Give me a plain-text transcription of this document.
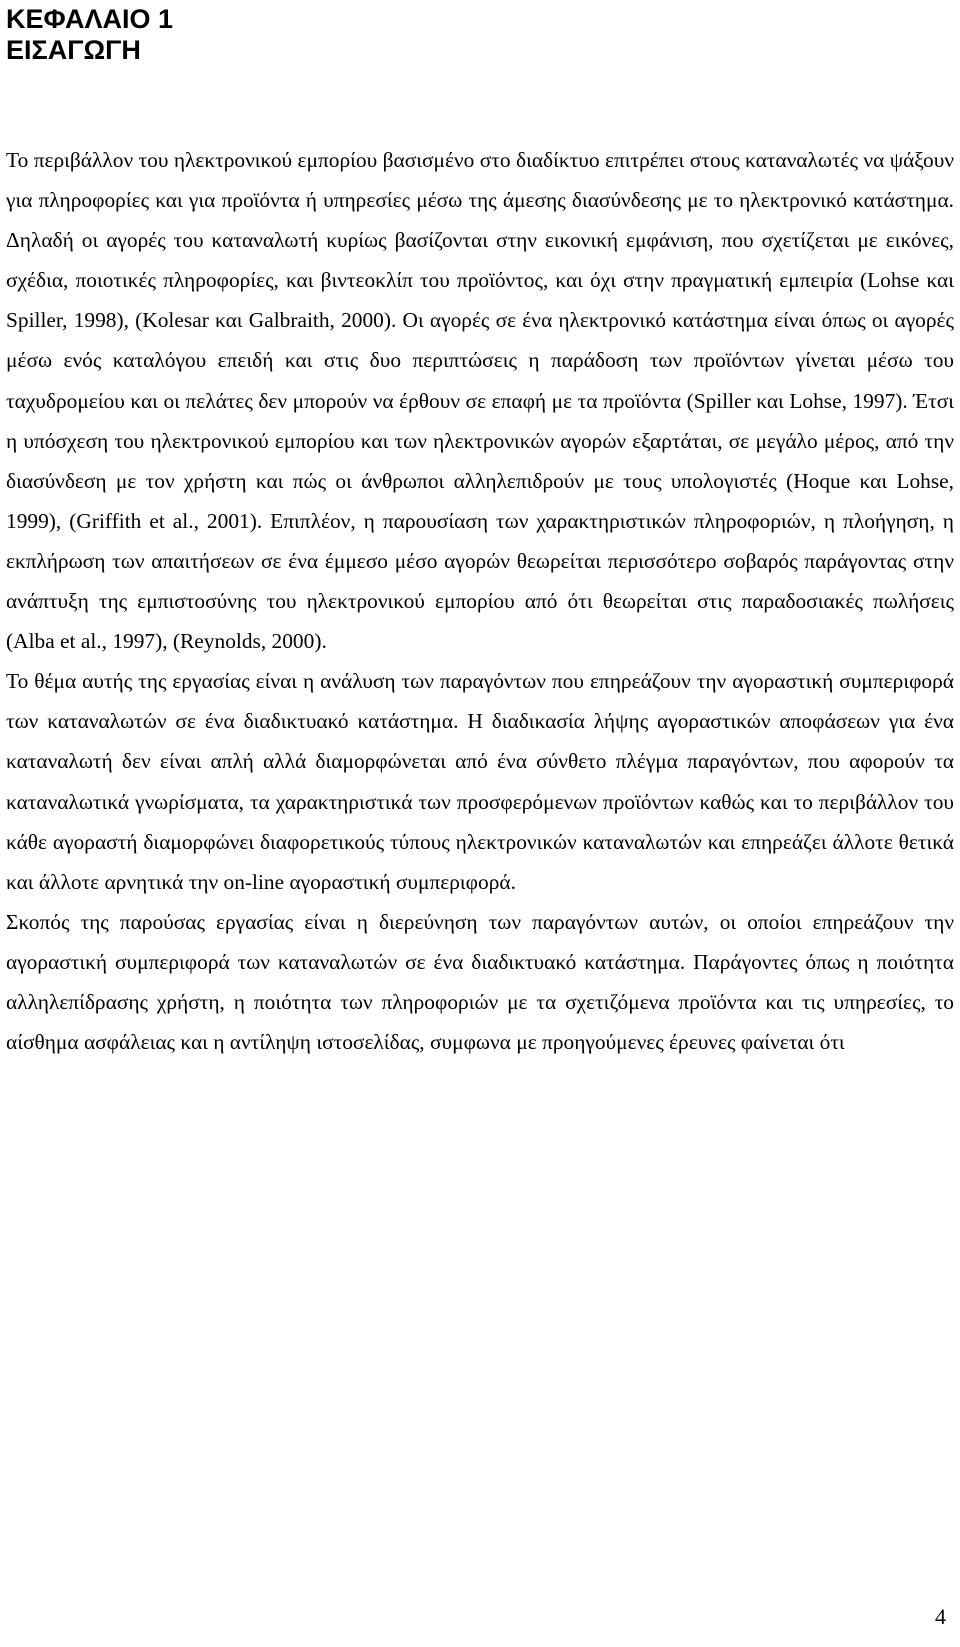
ΚΕΦΑΛΑΙΟ 1
ΕΙΣΑΓΩΓΗ

Το περιβάλλον του ηλεκτρονικού εμπορίου βασισμένο στο διαδίκτυο επιτρέπει στους καταναλωτές να ψάξουν για πληροφορίες και για προϊόντα ή υπηρεσίες μέσω της άμεσης διασύνδεσης με το ηλεκτρονικό κατάστημα. Δηλαδή οι αγορές του καταναλωτή κυρίως βασίζονται στην εικονική εμφάνιση, που σχετίζεται με εικόνες, σχέδια, ποιοτικές πληροφορίες, και βιντεοκλίπ του προϊόντος, και όχι στην πραγματική εμπειρία (Lohse και Spiller, 1998), (Kolesar και Galbraith, 2000). Οι αγορές σε ένα ηλεκτρονικό κατάστημα είναι όπως οι αγορές μέσω ενός καταλόγου επειδή και στις δυο περιπτώσεις η παράδοση των προϊόντων γίνεται μέσω του ταχυδρομείου και οι πελάτες δεν μπορούν να έρθουν σε επαφή με τα προϊόντα (Spiller και Lohse, 1997). Έτσι η υπόσχεση του ηλεκτρονικού εμπορίου και των ηλεκτρονικών αγορών εξαρτάται, σε μεγάλο μέρος, από την διασύνδεση με τον χρήστη και πώς οι άνθρωποι αλληλεπιδρούν με τους υπολογιστές (Hoque και Lohse, 1999), (Griffith et al., 2001). Επιπλέον, η παρουσίαση των χαρακτηριστικών πληροφοριών, η πλοήγηση, η εκπλήρωση των απαιτήσεων σε ένα έμμεσο μέσο αγορών θεωρείται περισσότερο σοβαρός παράγοντας στην ανάπτυξη της εμπιστοσύνης του ηλεκτρονικού εμπορίου από ότι θεωρείται στις παραδοσιακές πωλήσεις (Alba et al., 1997), (Reynolds, 2000).

Το θέμα αυτής της εργασίας είναι η ανάλυση των παραγόντων που επηρεάζουν την αγοραστική συμπεριφορά των καταναλωτών σε ένα διαδικτυακό κατάστημα. Η διαδικασία λήψης αγοραστικών αποφάσεων για ένα καταναλωτή δεν είναι απλή αλλά διαμορφώνεται από ένα σύνθετο πλέγμα παραγόντων, που αφορούν τα καταναλωτικά γνωρίσματα, τα χαρακτηριστικά των προσφερόμενων προϊόντων καθώς και το περιβάλλον του κάθε αγοραστή διαμορφώνει διαφορετικούς τύπους ηλεκτρονικών καταναλωτών και επηρεάζει άλλοτε θετικά και άλλοτε αρνητικά την on-line αγοραστική συμπεριφορά.

Σκοπός της παρούσας εργασίας είναι η διερεύνηση των παραγόντων αυτών, οι οποίοι επηρεάζουν την αγοραστική συμπεριφορά των καταναλωτών σε ένα διαδικτυακό κατάστημα. Παράγοντες όπως η ποιότητα αλληλεπίδρασης χρήστη, η ποιότητα των πληροφοριών με τα σχετιζόμενα προϊόντα και τις υπηρεσίες, το αίσθημα ασφάλειας και η αντίληψη ιστοσελίδας, συμφωνα με προηγούμενες έρευνες φαίνεται ότι

4
